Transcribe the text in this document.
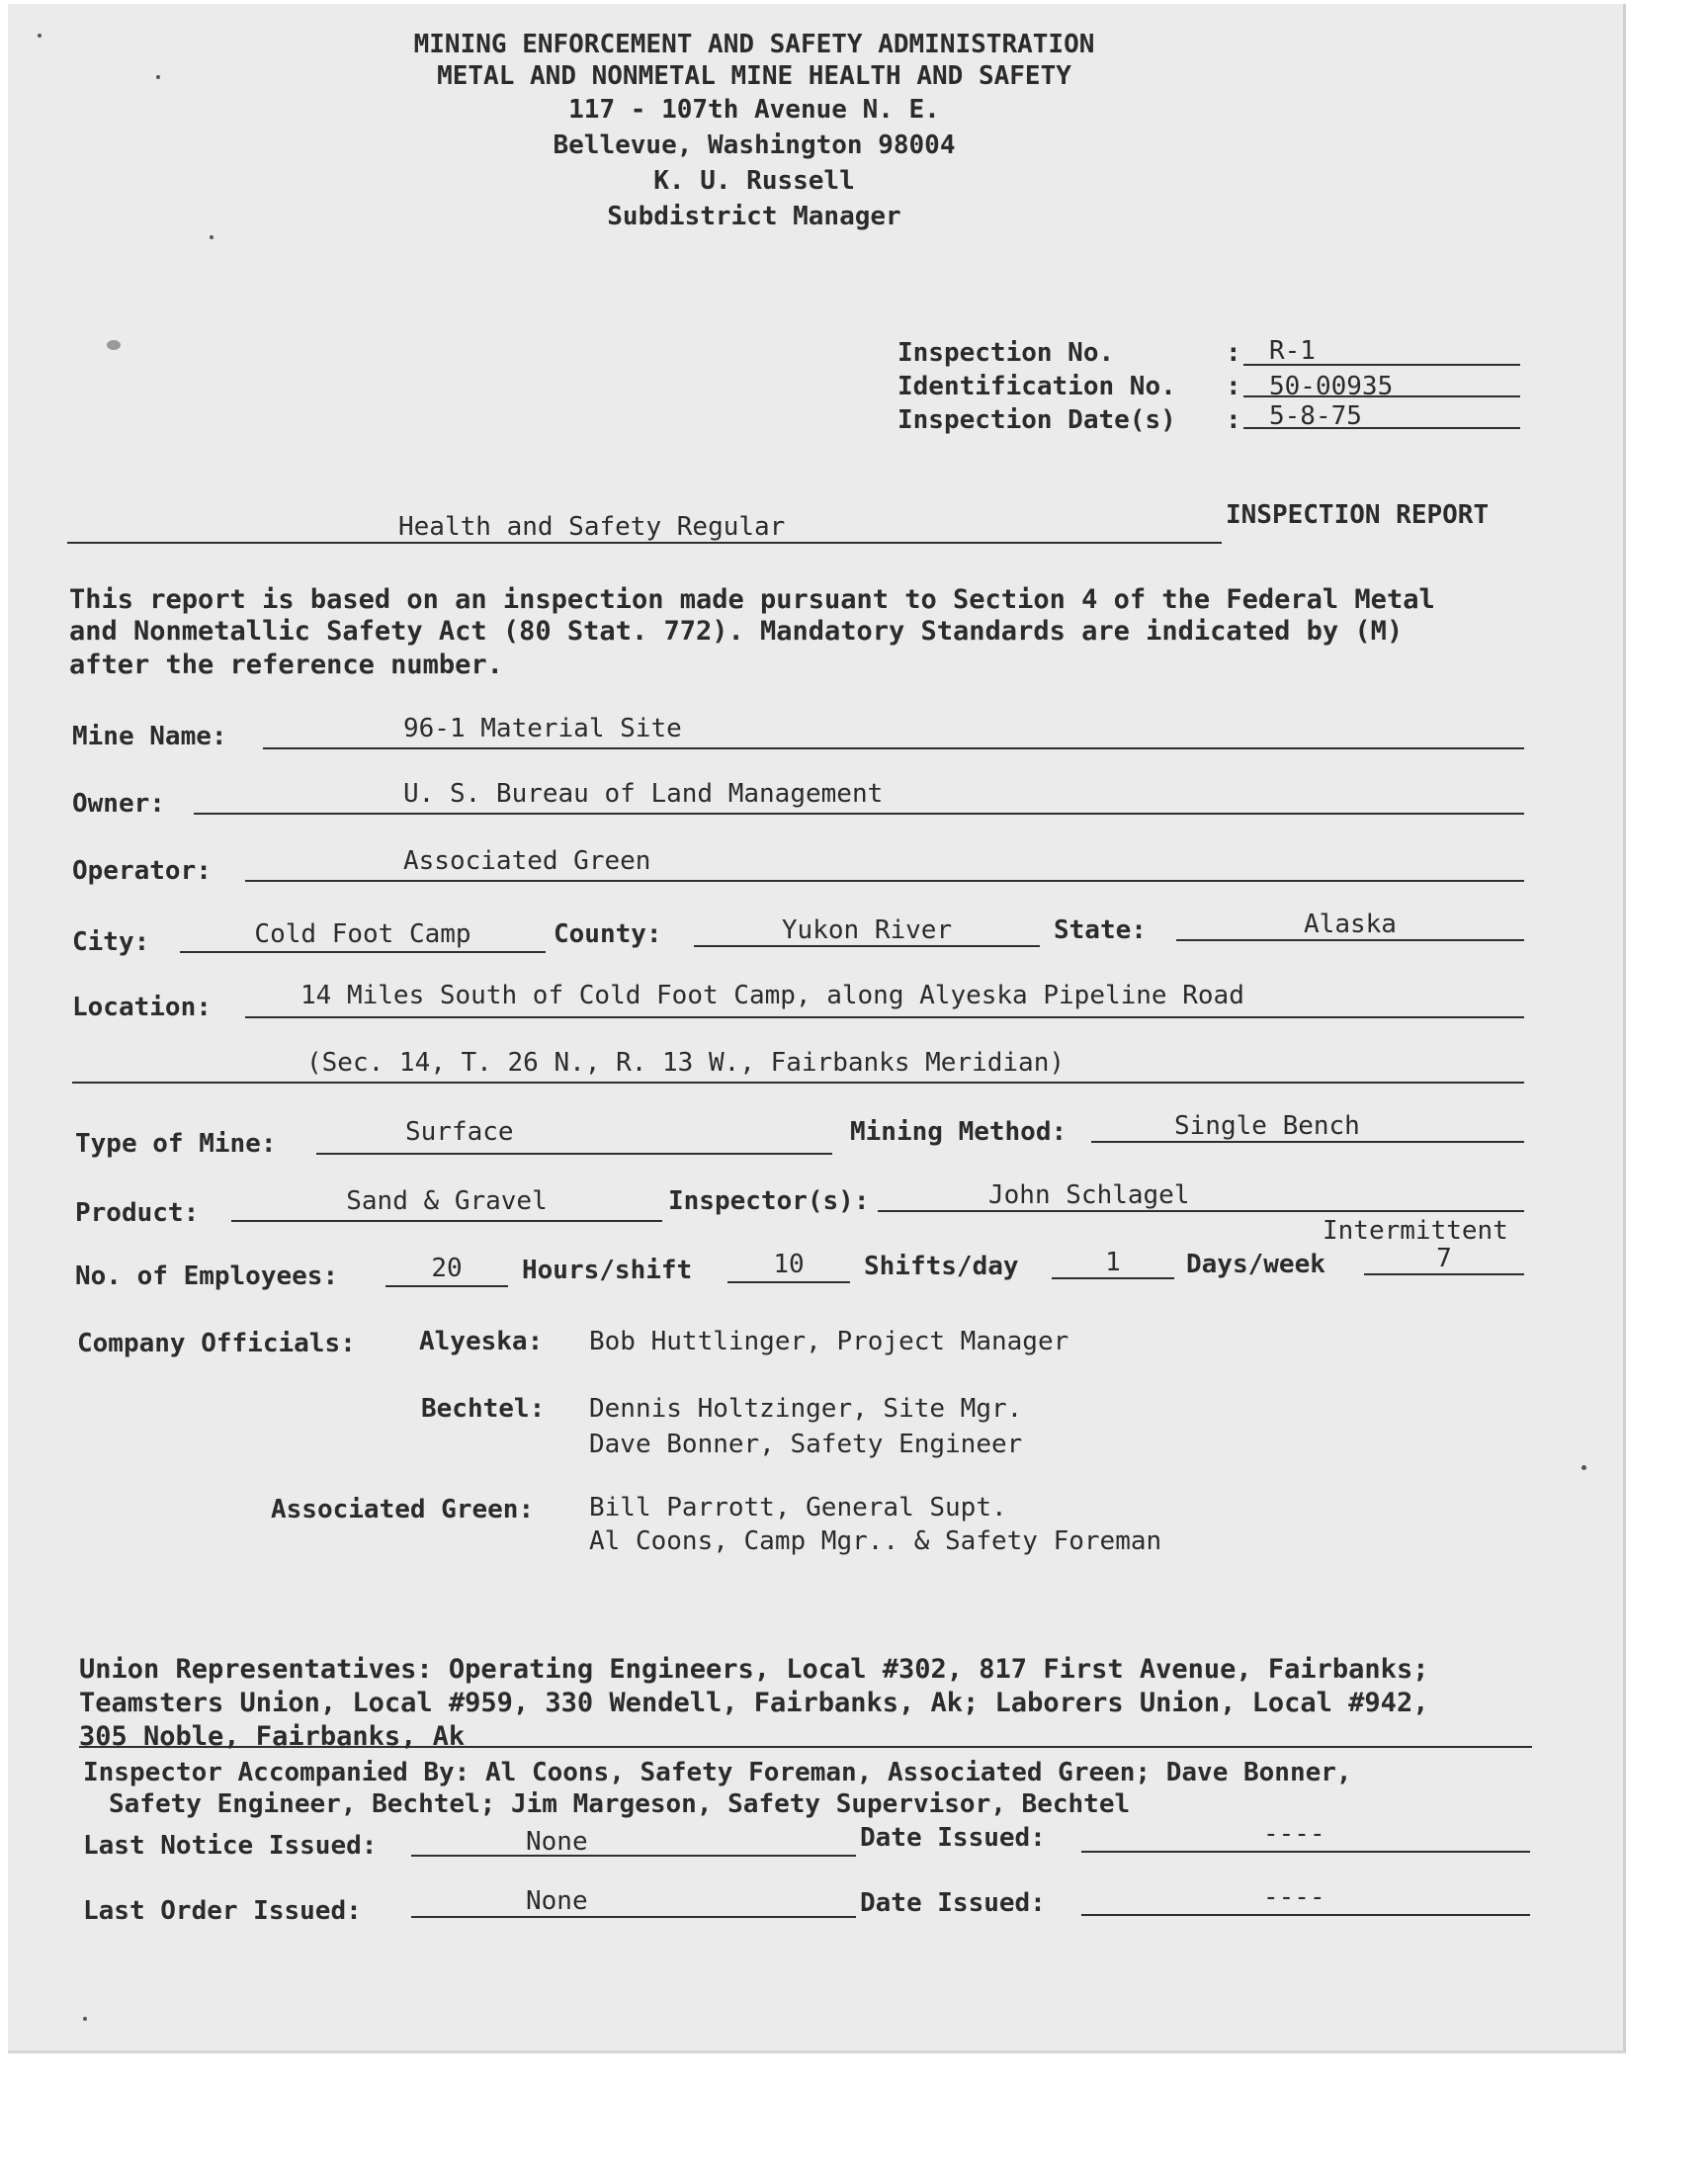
MINING ENFORCEMENT AND SAFETY ADMINISTRATION
METAL AND NONMETAL MINE HEALTH AND SAFETY
117 - 107th Avenue N. E.
Bellevue, Washington 98004
K. U. Russell
Subdistrict Manager
Inspection No.	: R-1
Identification No. : 50-00935
Inspection Date(s) : 5-8-75
Health and Safety Regular	INSPECTION REPORT
This report is based on an inspection made pursuant to Section 4 of the Federal Metal
and Nonmetallic Safety Act (80 Stat. 772). Mandatory Standards are indicated by (M)
after the reference number.
Mine Name:	96-1 Material Site
Owner:	U. S. Bureau of Land Management
Operator:	Associated Green
City:	Cold Foot Camp	County:	Yukon River	State:	Alaska
Location:	14 Miles South of Cold Foot Camp, along Alyeska Pipeline Road
(Sec. 14, T. 26 N., R. 13 W., Fairbanks Meridian)
Type of Mine:	Surface	Mining Method:	Single Bench
Product:	Sand & Gravel	Inspector(s):	John Schlagel
Intermittent
No. of Employees:	20	Hours/shift	10	Shifts/day	1	Days/week	7
Company Officials: Alyeska: Bob Huttlinger, Project Manager
Bechtel: Dennis Holtzinger, Site Mgr.
Dave Bonner, Safety Engineer
Associated Green: Bill Parrott, General Supt.
Al Coons, Camp Mgr.. & Safety Foreman
Union Representatives: Operating Engineers, Local #302, 817 First Avenue, Fairbanks;
Teamsters Union, Local #959, 330 Wendell, Fairbanks, Ak; Laborers Union, Local #942,
305 Noble, Fairbanks, Ak
Inspector Accompanied By: Al Coons, Safety Foreman, Associated Green; Dave Bonner,
Safety Engineer, Bechtel; Jim Margeson, Safety Supervisor, Bechtel
Last Notice Issued:	None	Date Issued:	----
Last Order Issued:	None	Date Issued:	----
